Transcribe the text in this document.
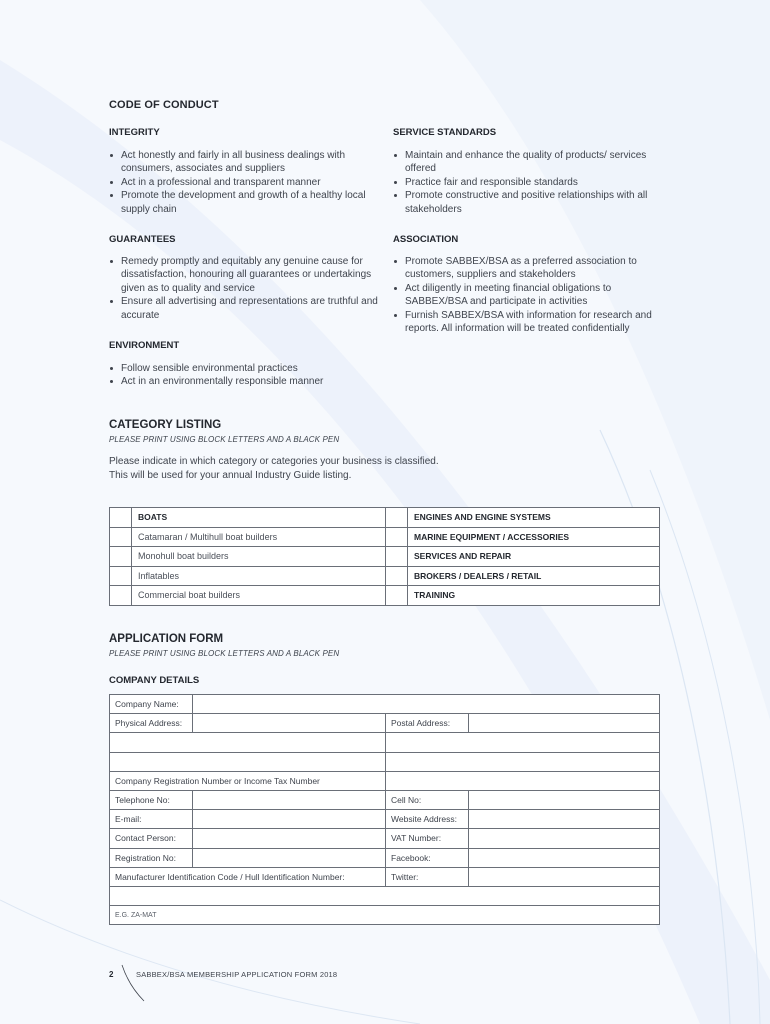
CODE OF CONDUCT
INTEGRITY
Act honestly and fairly in all business dealings with consumers, associates and suppliers
Act in a professional and transparent manner
Promote the development and growth of a healthy local supply chain
SERVICE STANDARDS
Maintain and enhance the quality of products/ services offered
Practice fair and responsible standards
Promote constructive and positive relationships with all stakeholders
GUARANTEES
Remedy promptly and equitably any genuine cause for dissatisfaction, honouring all guarantees or undertakings given as to quality and service
Ensure all advertising and representations are truthful and accurate
ASSOCIATION
Promote SABBEX/BSA as a preferred association to customers, suppliers and stakeholders
Act diligently in meeting financial obligations to SABBEX/BSA and participate in activities
Furnish SABBEX/BSA with information for research and reports. All information will be treated confidentially
ENVIRONMENT
Follow sensible environmental practices
Act in an environmentally responsible manner
CATEGORY LISTING
PLEASE PRINT USING BLOCK LETTERS AND A BLACK PEN
Please indicate in which category or categories your business is classified.
This will be used for your annual Industry Guide listing.
	BOATS		ENGINES AND ENGINE SYSTEMS
	Catamaran / Multihull boat builders		MARINE EQUIPMENT / ACCESSORIES
	Monohull boat builders		SERVICES AND REPAIR
	Inflatables		BROKERS / DEALERS / RETAIL
	Commercial boat builders		TRAINING
APPLICATION FORM
PLEASE PRINT USING BLOCK LETTERS AND A BLACK PEN
COMPANY DETAILS
Company Name:			
Physical Address:		Postal Address:	

Company Registration Number or Income Tax Number			
Telephone No:		Cell No:	
E-mail:		Website Address:	
Contact Person:		VAT Number:	
Registration No:		Facebook:	
Manufacturer Identification Code / Hull Identification Number:		Twitter:	

E.G. ZA-MAT			
2	SABBEX/BSA MEMBERSHIP APPLICATION FORM 2018
